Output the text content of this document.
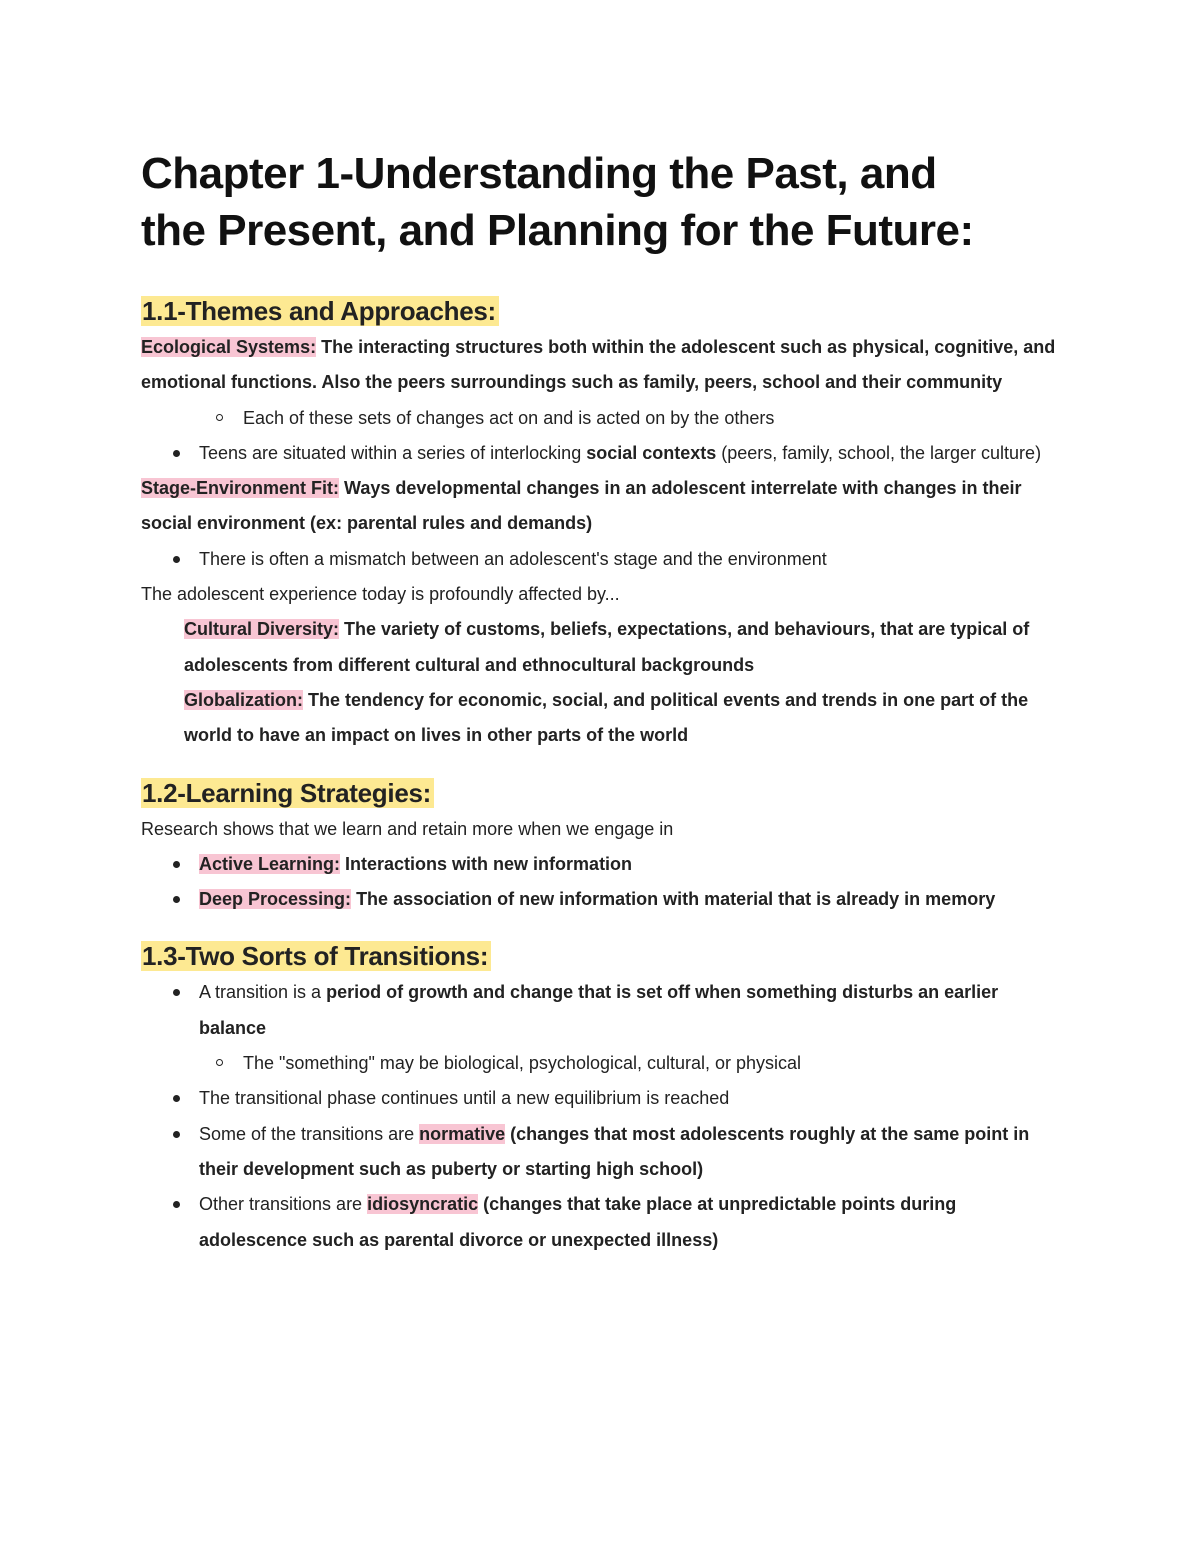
Chapter 1-Understanding the Past, and
the Present, and Planning for the Future:
1.1-Themes and Approaches:

Ecological Systems: The interacting structures both within the adolescent such as physical, cognitive, and emotional functions. Also the peers surroundings such as family, peers, school and their community

Each of these sets of changes act on and is acted on by the others
Teens are situated within a series of interlocking social contexts (peers, family, school, the larger culture)

Stage-Environment Fit: Ways developmental changes in an adolescent interrelate with changes in their social environment (ex: parental rules and demands)

There is often a mismatch between an adolescent's stage and the environment

The adolescent experience today is profoundly affected by...

Cultural Diversity: The variety of customs, beliefs, expectations, and behaviours, that are typical of adolescents from different cultural and ethnocultural backgrounds

Globalization: The tendency for economic, social, and political events and trends in one part of the world to have an impact on lives in other parts of the world

1.2-Learning Strategies:

Research shows that we learn and retain more when we engage in

Active Learning: Interactions with new information
Deep Processing: The association of new information with material that is already in memory
1.3-Two Sorts of Transitions:
A transition is a period of growth and change that is set off when something disturbs an earlier balance
The "something" may be biological, psychological, cultural, or physical
The transitional phase continues until a new equilibrium is reached
Some of the transitions are normative (changes that most adolescents roughly at the same point in their development such as puberty or starting high school)
Other transitions are idiosyncratic (changes that take place at unpredictable points during adolescence such as parental divorce or unexpected illness)
